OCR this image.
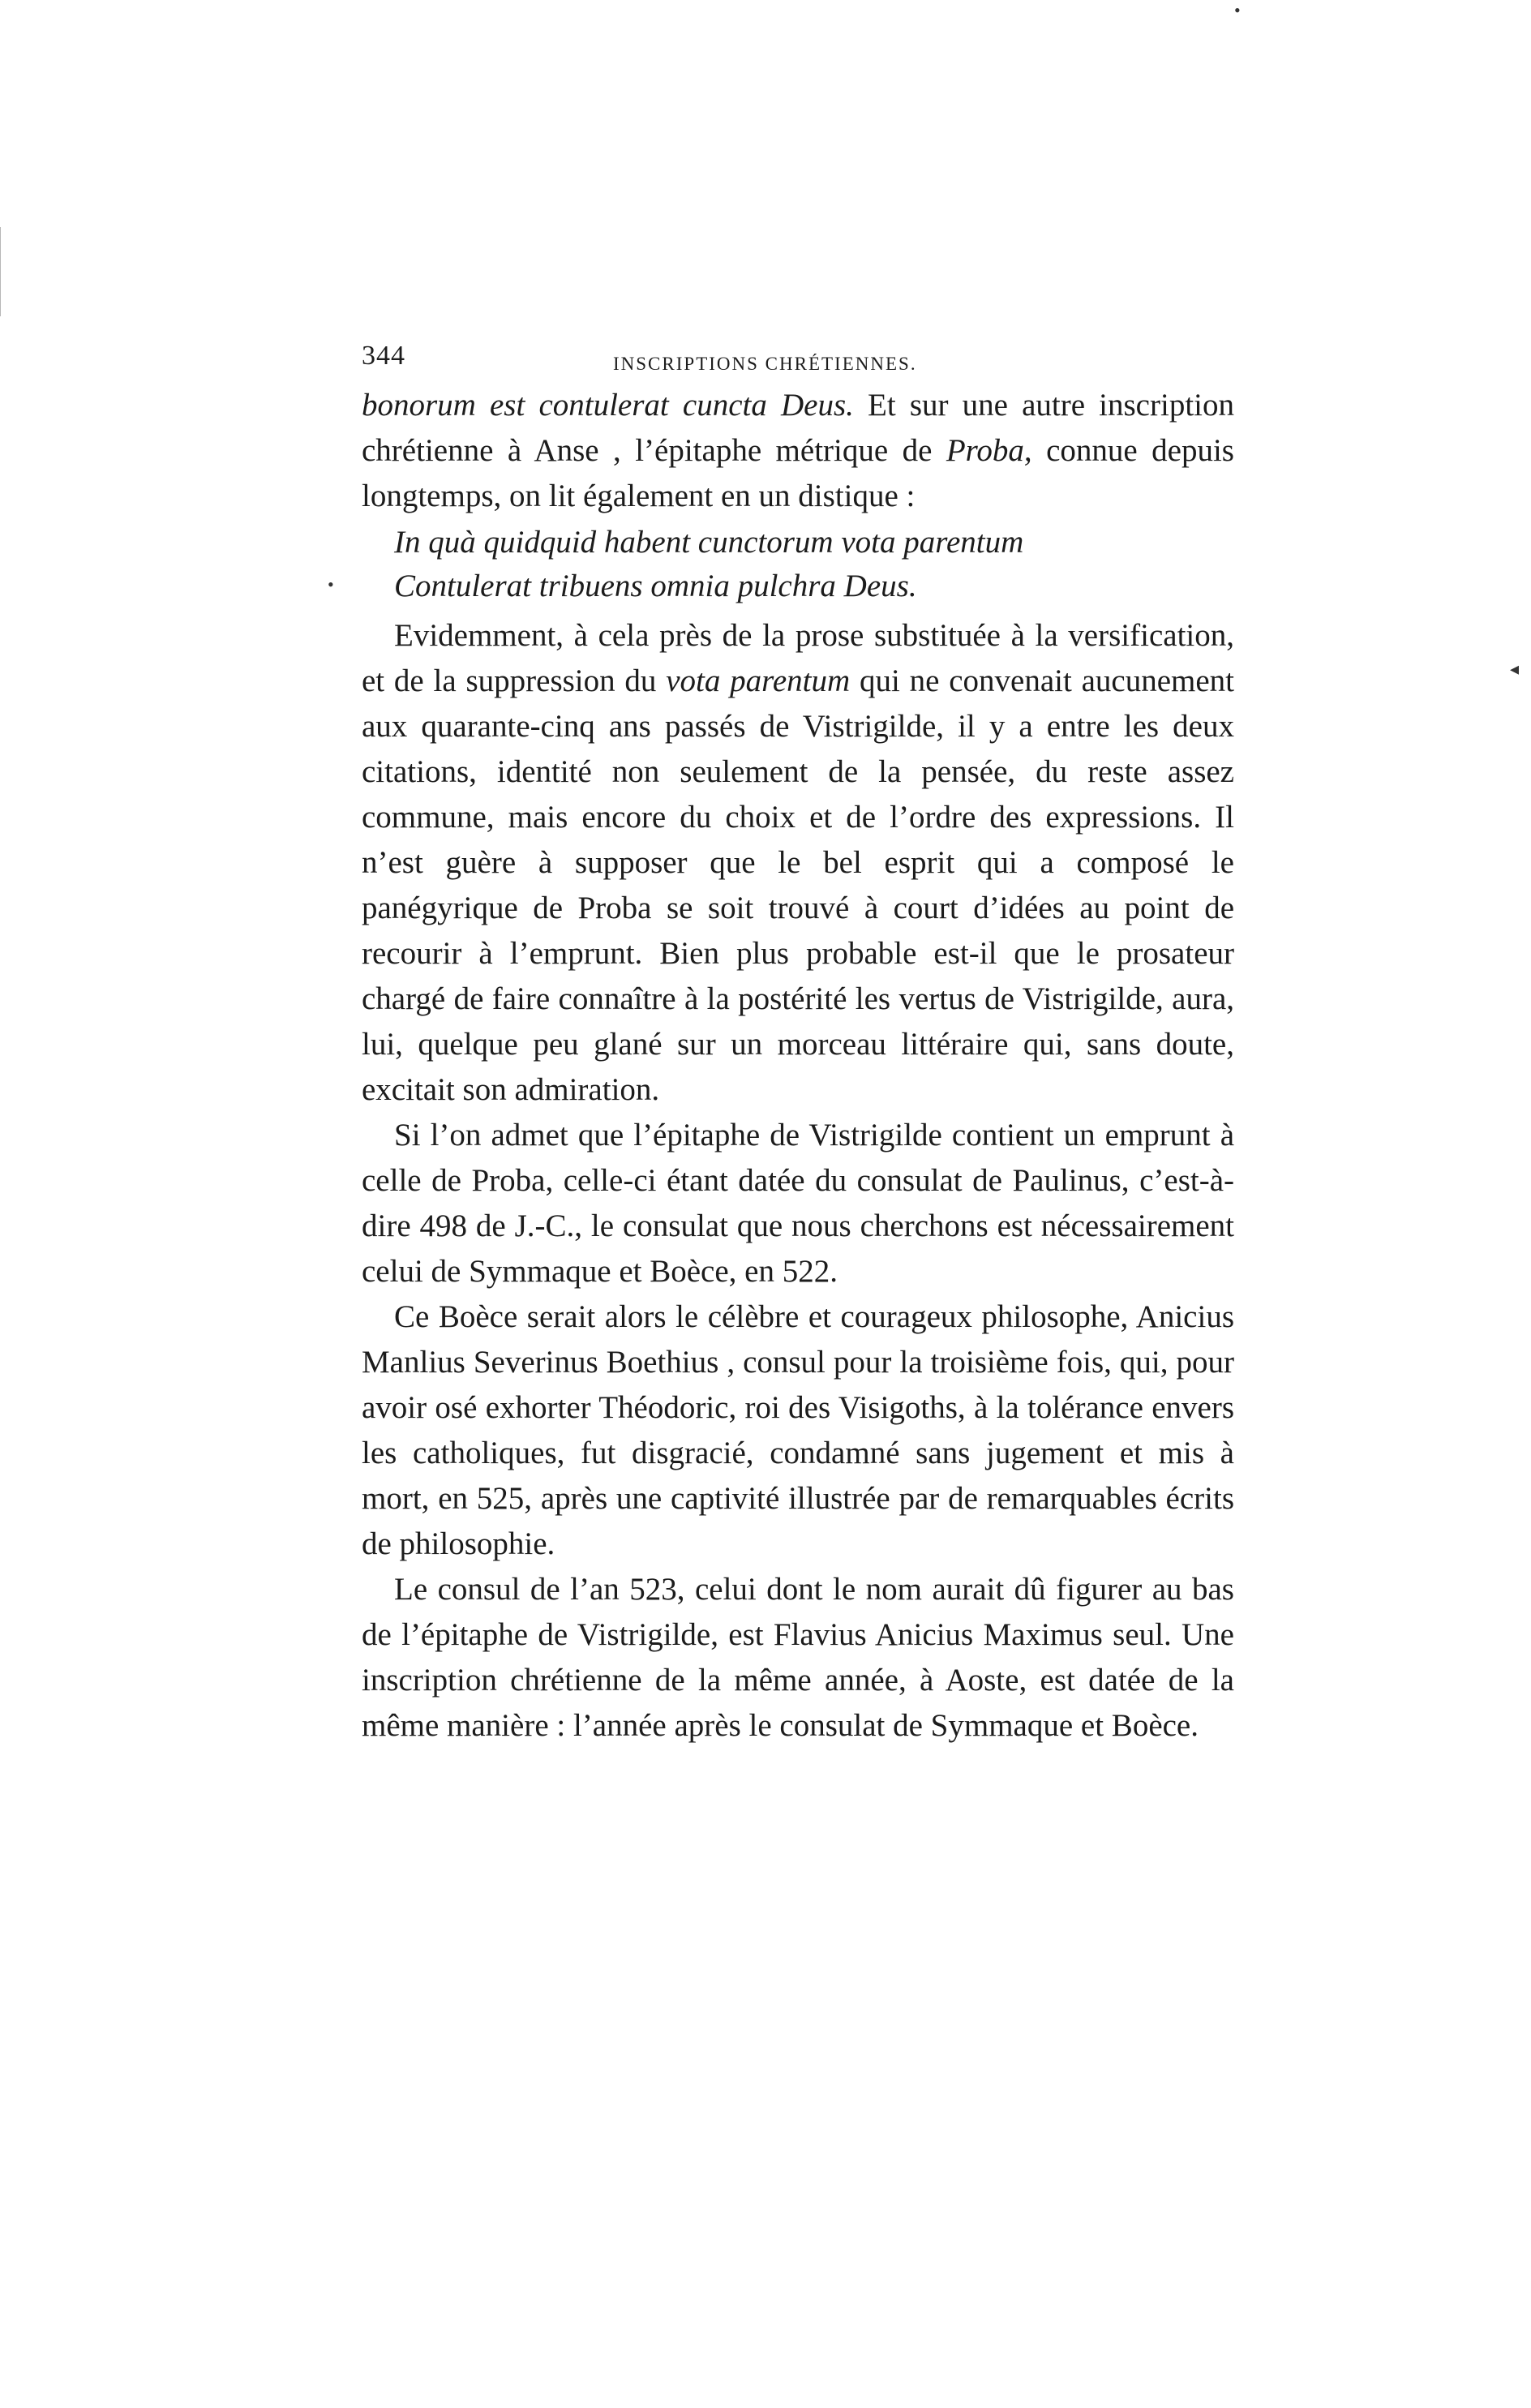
•
•
◂
344	INSCRIPTIONS CHRÉTIENNES.

bonorum est contulerat cuncta Deus. Et sur une autre inscription chrétienne à Anse , l’épitaphe métrique de Proba, connue depuis longtemps, on lit également en un distique :

In quà quidquid habent cunctorum vota parentum
Contulerat tribuens omnia pulchra Deus.

Evidemment, à cela près de la prose substituée à la versification, et de la suppression du vota parentum qui ne convenait aucunement aux quarante-cinq ans passés de Vistrigilde, il y a entre les deux citations, identité non seulement de la pensée, du reste assez commune, mais encore du choix et de l’ordre des expressions. Il n’est guère à supposer que le bel esprit qui a composé le panégyrique de Proba se soit trouvé à court d’idées au point de recourir à l’emprunt. Bien plus probable est-il que le prosateur chargé de faire connaître à la postérité les vertus de Vistrigilde, aura, lui, quelque peu glané sur un morceau littéraire qui, sans doute, excitait son admiration.

Si l’on admet que l’épitaphe de Vistrigilde contient un emprunt à celle de Proba, celle-ci étant datée du consulat de Paulinus, c’est-à-dire 498 de J.-C., le consulat que nous cherchons est nécessairement celui de Symmaque et Boèce, en 522.

Ce Boèce serait alors le célèbre et courageux philosophe, Anicius Manlius Severinus Boethius , consul pour la troisième fois, qui, pour avoir osé exhorter Théodoric, roi des Visigoths, à la tolérance envers les catholiques, fut disgracié, condamné sans jugement et mis à mort, en 525, après une captivité illustrée par de remarquables écrits de philosophie.

Le consul de l’an 523, celui dont le nom aurait dû figurer au bas de l’épitaphe de Vistrigilde, est Flavius Anicius Maximus seul. Une inscription chrétienne de la même année, à Aoste, est datée de la même manière : l’année après le consulat de Symmaque et Boèce.
